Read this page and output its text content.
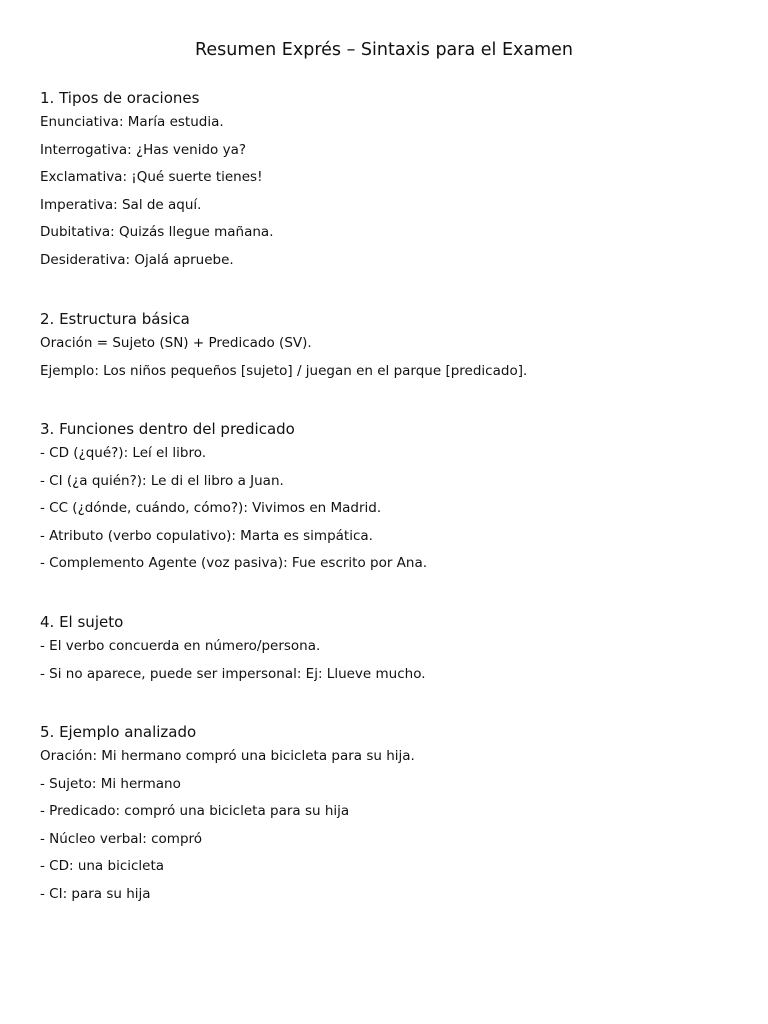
Resumen Exprés – Sintaxis para el Examen
1. Tipos de oraciones
Enunciativa: María estudia.
Interrogativa: ¿Has venido ya?
Exclamativa: ¡Qué suerte tienes!
Imperativa: Sal de aquí.
Dubitativa: Quizás llegue mañana.
Desiderativa: Ojalá apruebe.
2. Estructura básica
Oración = Sujeto (SN) + Predicado (SV).
Ejemplo: Los niños pequeños [sujeto] / juegan en el parque [predicado].
3. Funciones dentro del predicado
- CD (¿qué?): Leí el libro.
- CI (¿a quién?): Le di el libro a Juan.
- CC (¿dónde, cuándo, cómo?): Vivimos en Madrid.
- Atributo (verbo copulativo): Marta es simpática.
- Complemento Agente (voz pasiva): Fue escrito por Ana.
4. El sujeto
- El verbo concuerda en número/persona.
- Si no aparece, puede ser impersonal: Ej: Llueve mucho.
5. Ejemplo analizado
Oración: Mi hermano compró una bicicleta para su hija.
- Sujeto: Mi hermano
- Predicado: compró una bicicleta para su hija
- Núcleo verbal: compró
- CD: una bicicleta
- CI: para su hija
